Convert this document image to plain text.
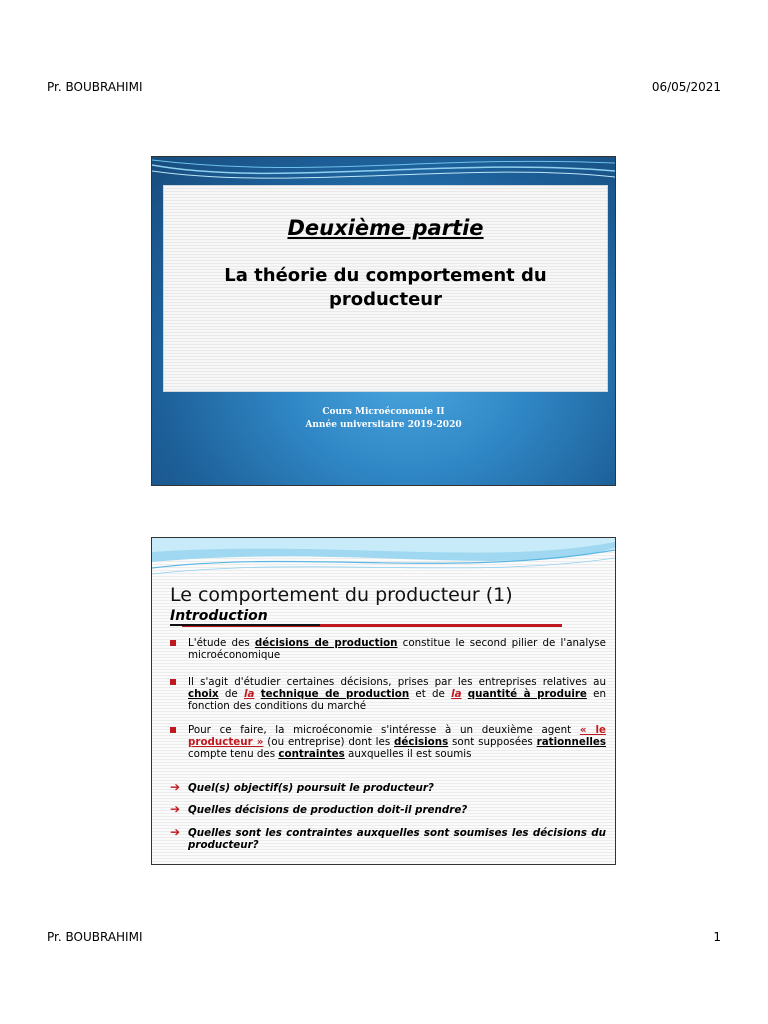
Pr. BOUBRAHIMI	06/05/2021
Deuxième partie
La théorie du comportement du producteur
Cours Microéconomie II
Année universitaire 2019-2020
Le comportement du producteur (1)
Introduction
L'étude des décisions de production constitue le second pilier de l'analyse microéconomique
Il s'agit d'étudier certaines décisions, prises par les entreprises relatives au choix de la technique de production et de la quantité à produire en fonction des conditions du marché
Pour ce faire, la microéconomie s'intéresse à un deuxième agent « le producteur » (ou entreprise) dont les décisions sont supposées rationnelles compte tenu des contraintes auxquelles il est soumis
➔ Quel(s) objectif(s) poursuit le producteur?
➔ Quelles décisions de production doit-il prendre?
➔ Quelles sont les contraintes auxquelles sont soumises les décisions du producteur?
Pr. BOUBRAHIMI	1
